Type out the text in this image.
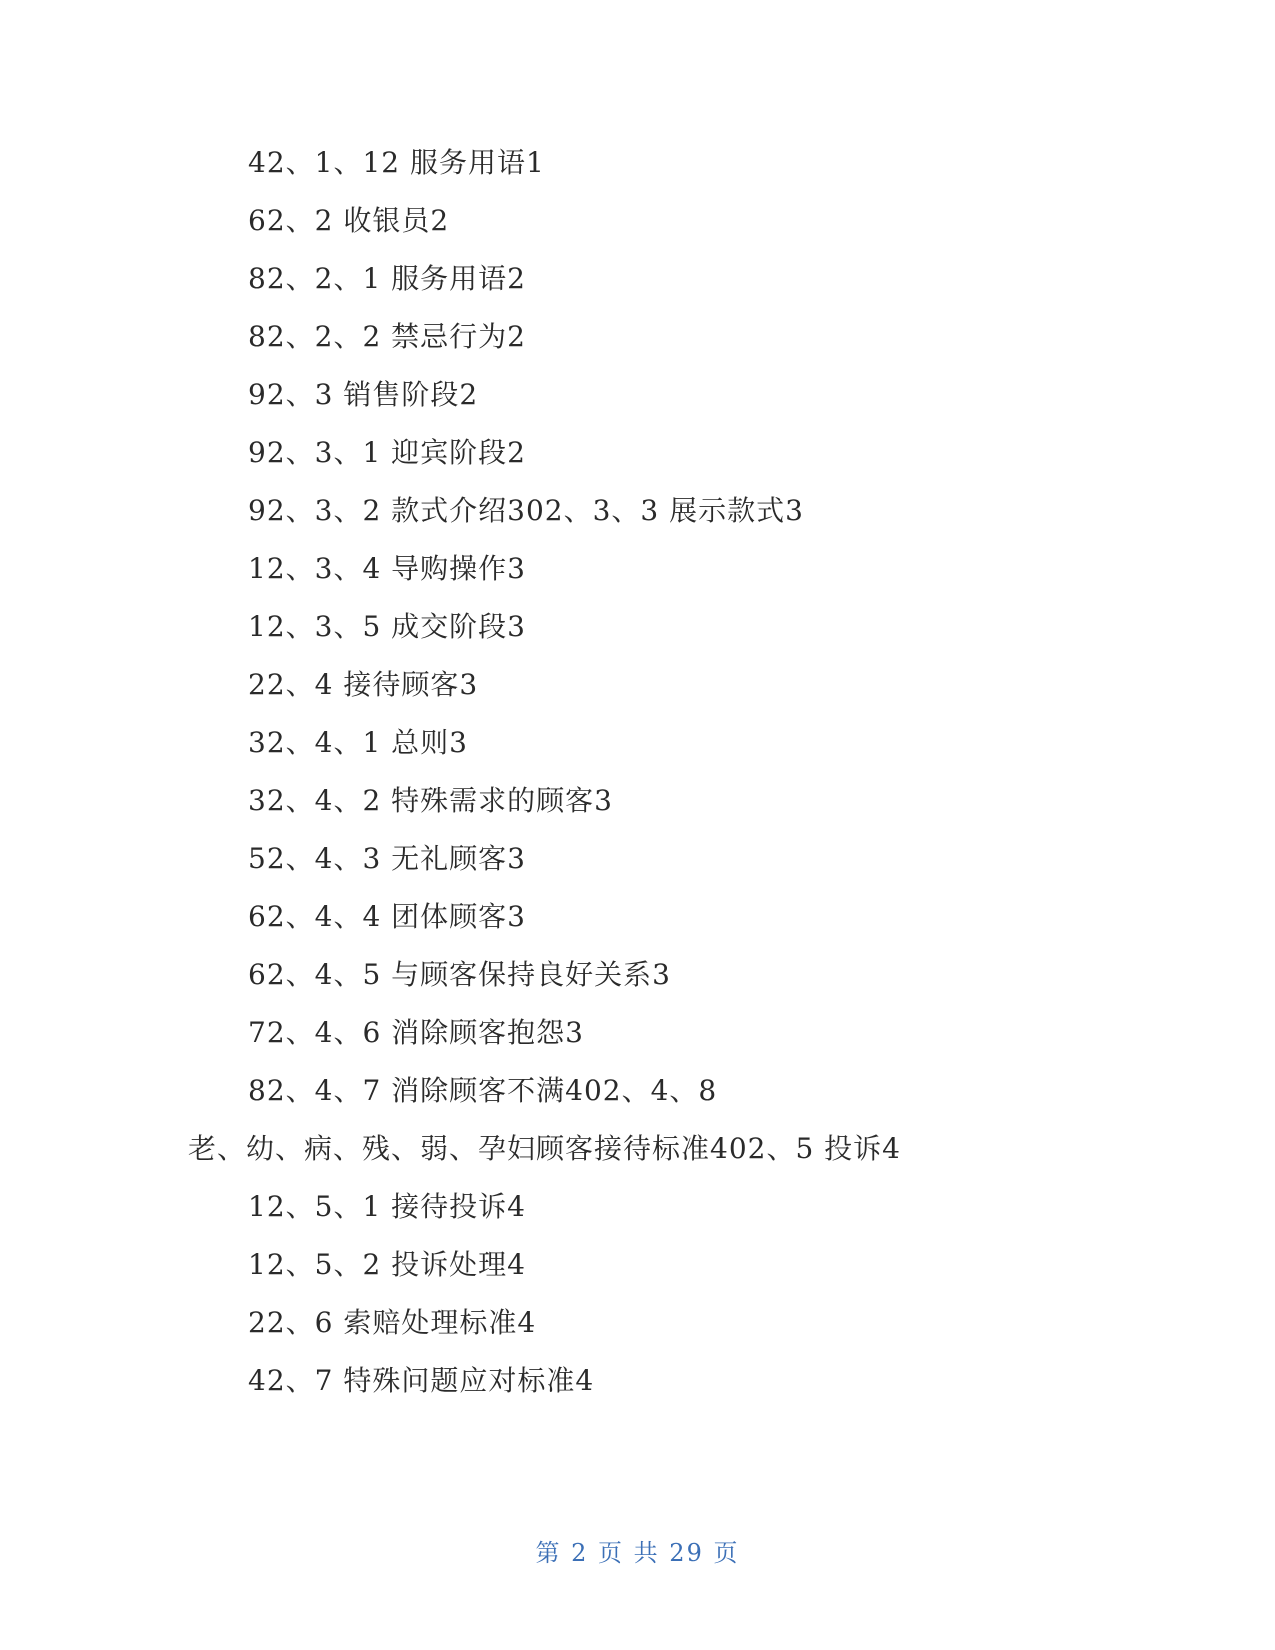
42、1、12 服务用语1
62、2 收银员2
82、2、1 服务用语2
82、2、2 禁忌行为2
92、3 销售阶段2
92、3、1 迎宾阶段2
92、3、2 款式介绍302、3、3 展示款式3
12、3、4 导购操作3
12、3、5 成交阶段3
22、4 接待顾客3
32、4、1 总则3
32、4、2 特殊需求的顾客3
52、4、3 无礼顾客3
62、4、4 团体顾客3
62、4、5 与顾客保持良好关系3
72、4、6 消除顾客抱怨3
82、4、7 消除顾客不满402、4、8
老、幼、病、残、弱、孕妇顾客接待标准402、5 投诉4
12、5、1 接待投诉4
12、5、2 投诉处理4
22、6 索赔处理标准4
42、7 特殊问题应对标准4
第 2 页 共 29 页
